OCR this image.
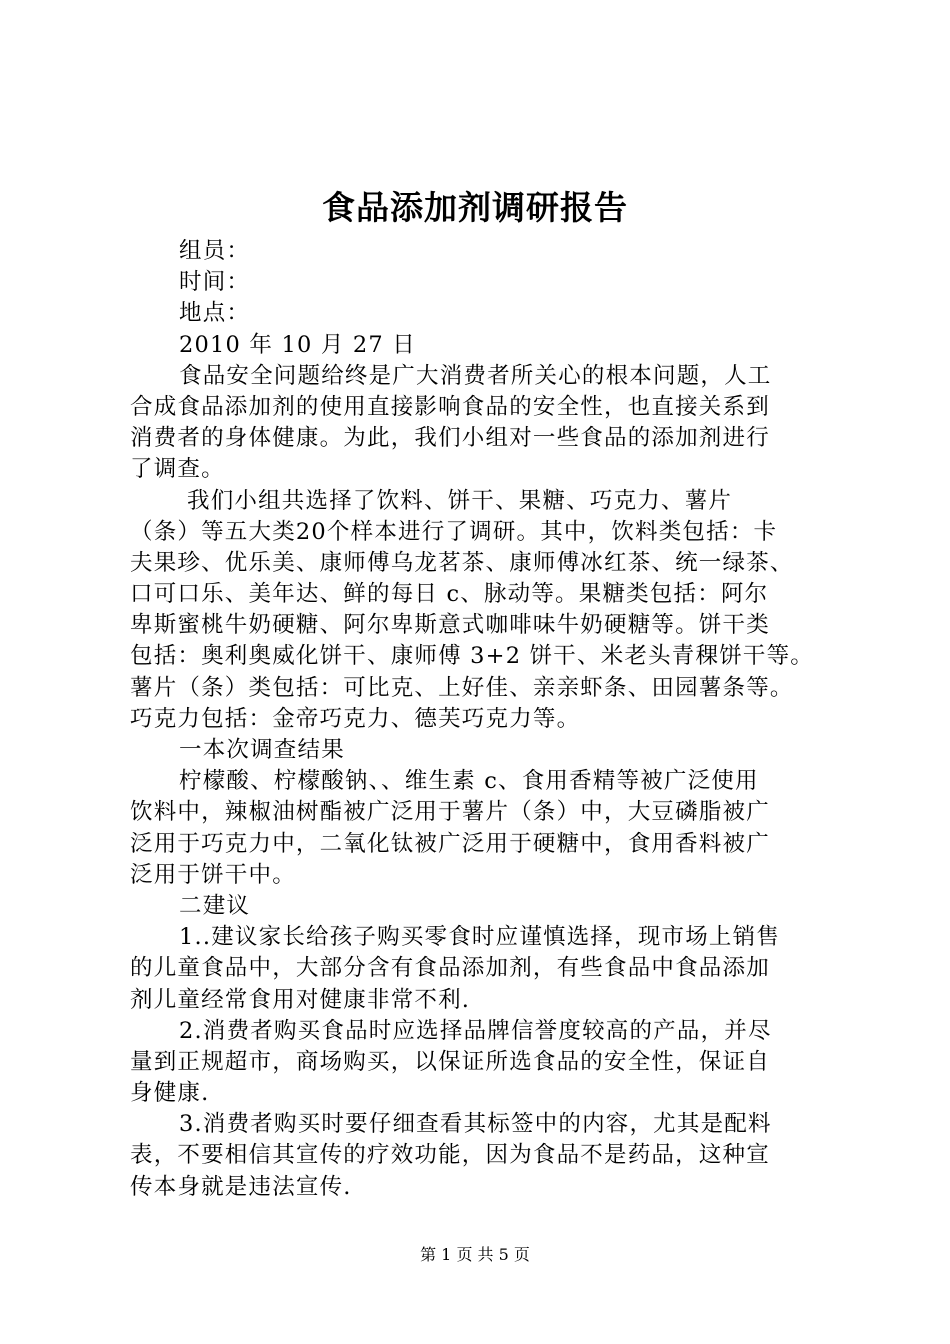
食品添加剂调研报告
组员：
时间：
地点：
2010 年 10 月 27 日
食品安全问题给终是广大消费者所关心的根本问题，人工
合成食品添加剂的使用直接影响食品的安全性，也直接关系到
消费者的身体健康。为此，我们小组对一些食品的添加剂进行
了调查。
我们小组共选择了饮料、饼干、果糖、巧克力、薯片
（条）等五大类20个样本进行了调研。其中，饮料类包括：卡
夫果珍、优乐美、康师傅乌龙茗茶、康师傅冰红茶、统一绿茶、
口可口乐、美年达、鲜的每日 c、脉动等。果糖类包括：阿尔
卑斯蜜桃牛奶硬糖、阿尔卑斯意式咖啡味牛奶硬糖等。饼干类
包括：奥利奥威化饼干、康师傅 3+2 饼干、米老头青稞饼干等。
薯片（条）类包括：可比克、上好佳、亲亲虾条、田园薯条等。
巧克力包括：金帝巧克力、德芙巧克力等。
一本次调查结果
柠檬酸、柠檬酸钠、、维生素 c、食用香精等被广泛使用
饮料中，辣椒油树酯被广泛用于薯片（条）中，大豆磷脂被广
泛用于巧克力中，二氧化钛被广泛用于硬糖中，食用香料被广
泛用于饼干中。
二建议
1..建议家长给孩子购买零食时应谨慎选择，现市场上销售
的儿童食品中，大部分含有食品添加剂，有些食品中食品添加
剂儿童经常食用对健康非常不利.
2.消费者购买食品时应选择品牌信誉度较高的产品，并尽
量到正规超市，商场购买，以保证所选食品的安全性，保证自
身健康.
3.消费者购买时要仔细查看其标签中的内容，尤其是配料
表，不要相信其宣传的疗效功能，因为食品不是药品，这种宣
传本身就是违法宣传.
第 1 页 共 5 页
